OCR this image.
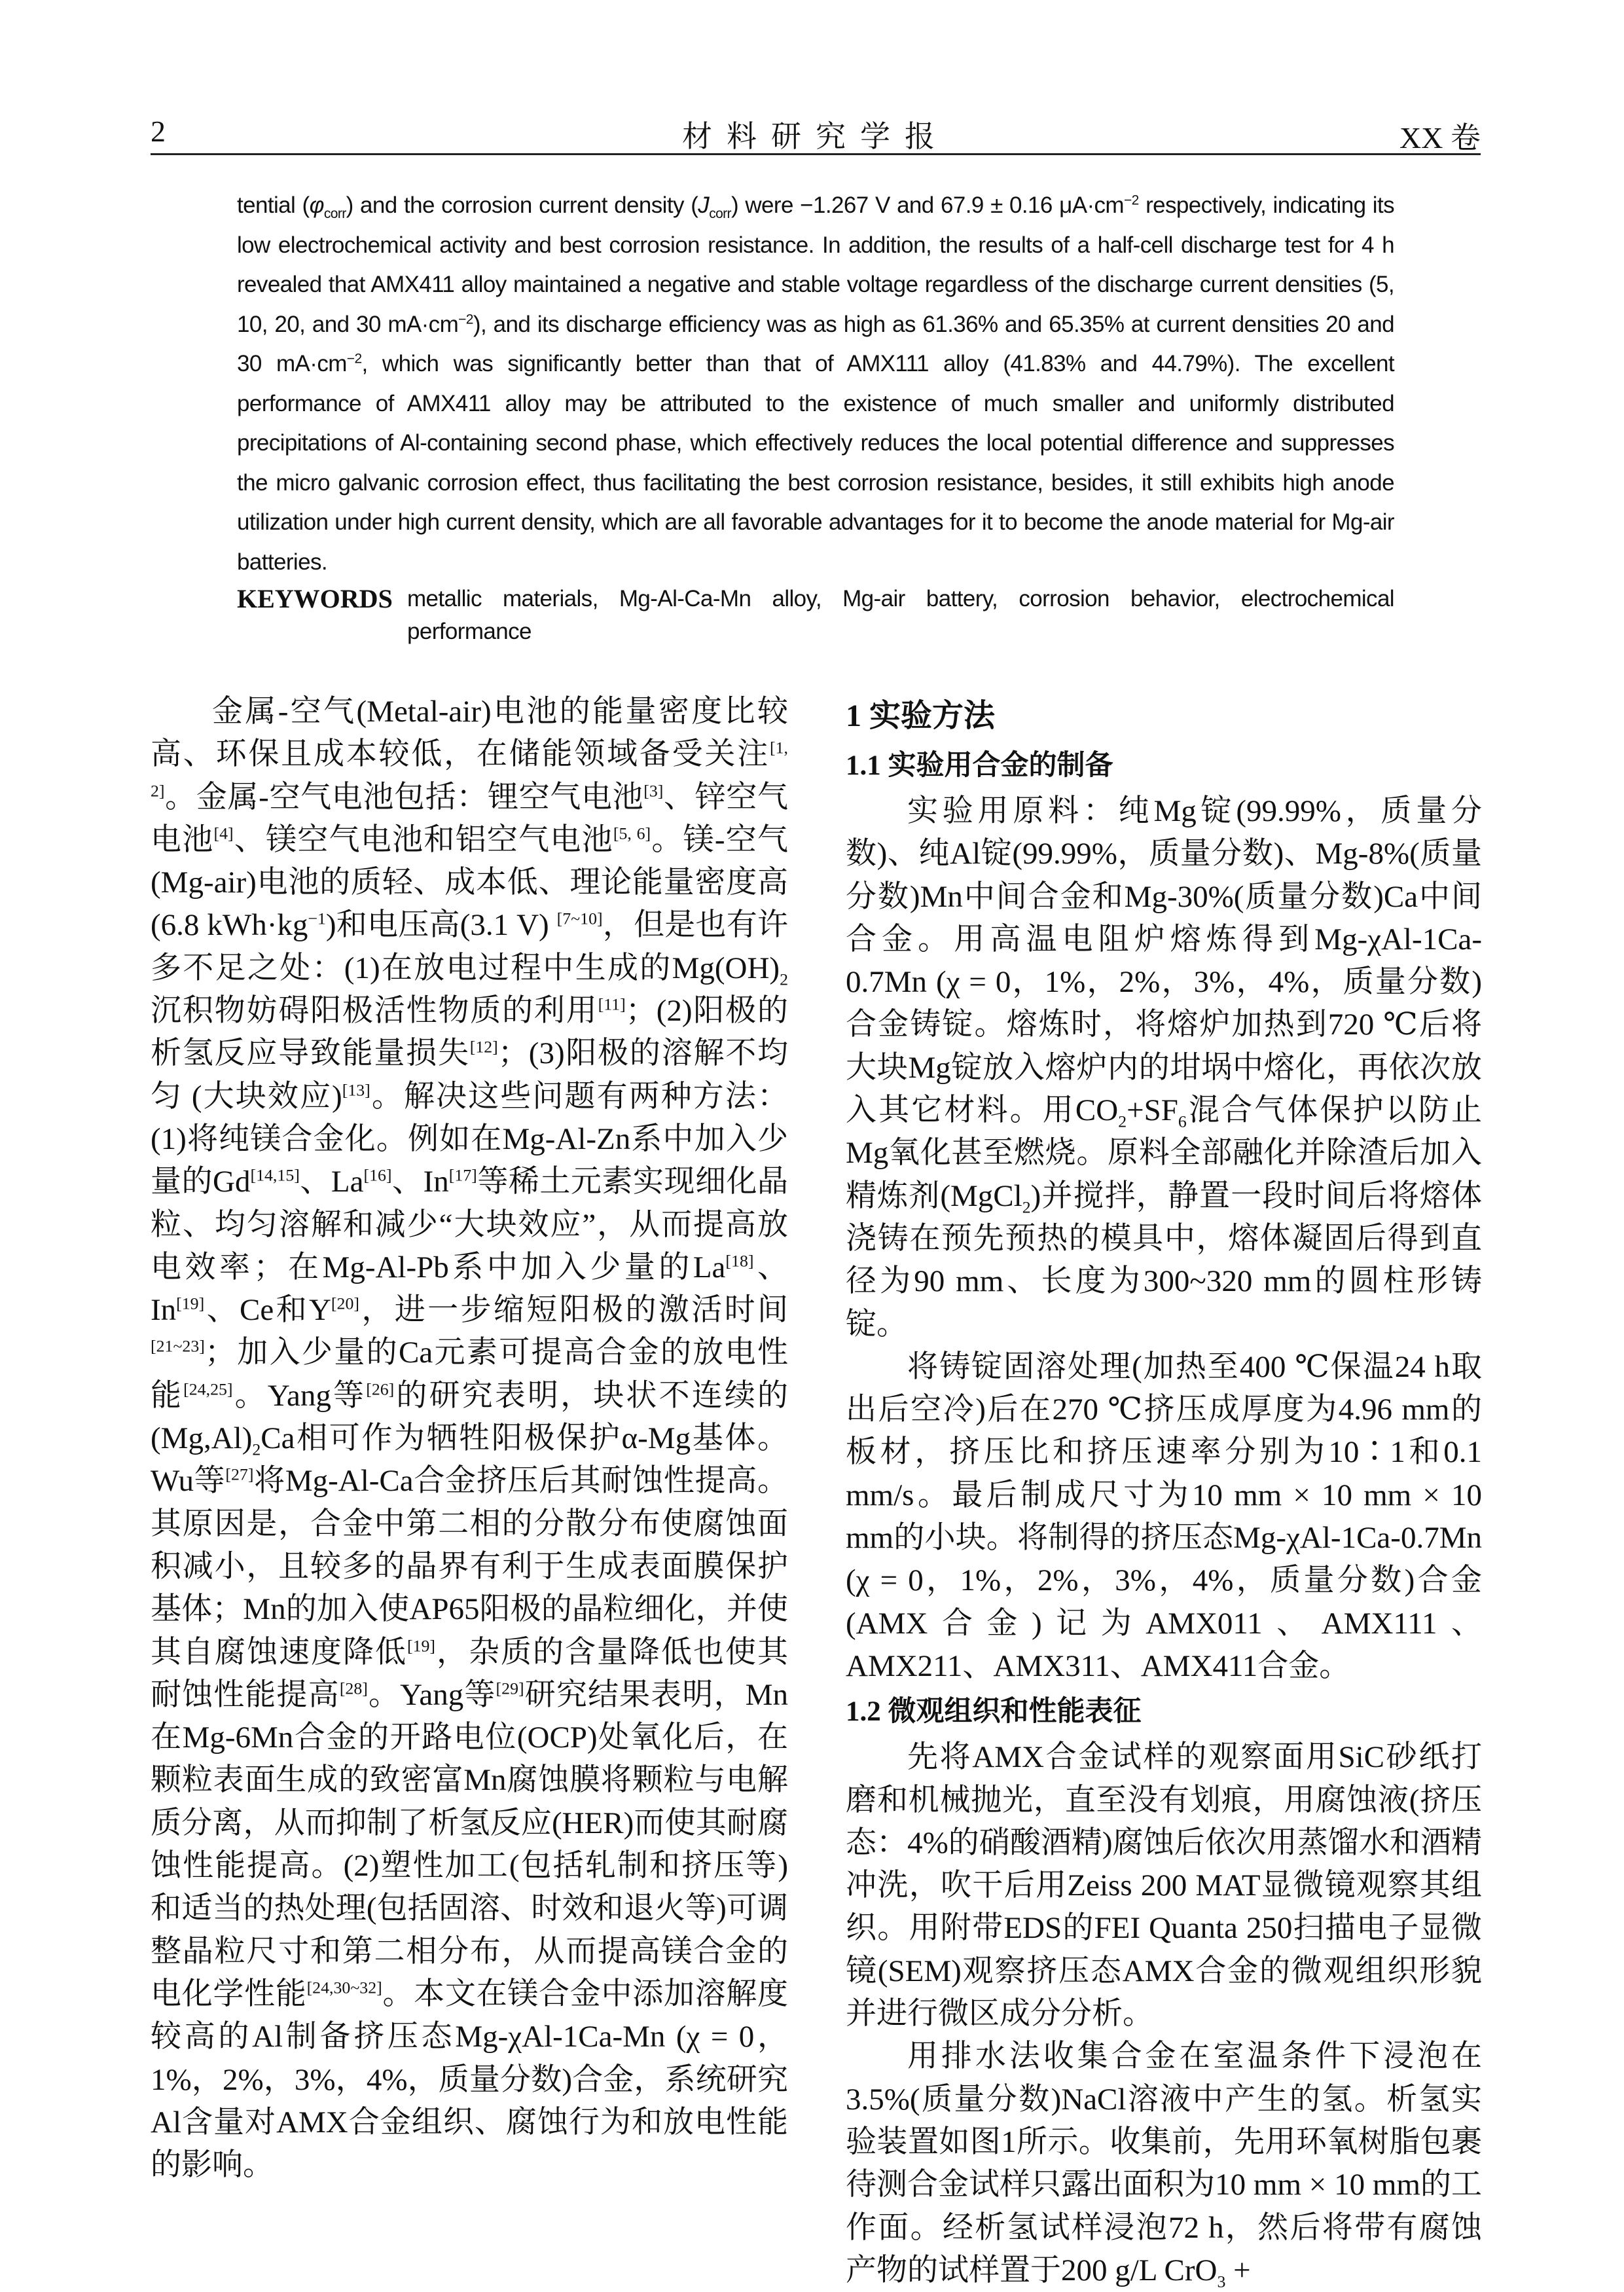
2	材料研究学报	XX 卷

tential $(\varphi_{corr})$ and the corrosion current density $(J_{corr})$ were −1.267 V and 67.9 ± 0.16 $\mu A\cdot cm^{-2}$ respectively, indicating its low electrochemical activity and best corrosion resistance. In addition, the results of a half-cell discharge test for 4 h revealed that AMX411 alloy maintained a negative and stable voltage regardless of the discharge current densities (5, 10, 20, and 30 $mA\cdot cm^{-2}$), and its discharge efficiency was as high as 61.36% and 65.35% at current densities 20 and 30 $mA\cdot cm^{-2}$, which was significantly better than that of AMX111 alloy (41.83% and 44.79%). The excellent performance of AMX411 alloy may be attributed to the existence of much smaller and uniformly distributed precipitations of Al-containing second phase, which effectively reduces the local potential difference and suppresses the micro galvanic corrosion effect, thus facilitating the best corrosion resistance, besides, it still exhibits high anode utilization under high current density, which are all favorable advantages for it to become the anode material for Mg-air batteries.

KEYWORDS metallic materials, Mg-Al-Ca-Mn alloy, Mg-air battery, corrosion behavior, electrochemical performance

金属-空气(Metal-air)电池的能量密度比较高、环保且成本较低，在储能领域备受关注[1, 2]。金属-空气电池包括：锂空气电池[3]、锌空气电池[4]、镁空气电池和铝空气电池[5, 6]。镁-空气(Mg-air)电池的质轻、成本低、理论能量密度高(6.8 $kWh\cdot kg^{-1}$)和电压高(3.1 V) [7~10]，但是也有许多不足之处：(1)在放电过程中生成的$Mg(OH)_2$沉积物妨碍阳极活性物质的利用[11]；(2)阳极的析氢反应导致能量损失[12]；(3)阳极的溶解不均匀 (大块效应)[13]。解决这些问题有两种方法：(1)将纯镁合金化。例如在Mg-Al-Zn系中加入少量的Gd[14,15]、La[16]、In[17]等稀土元素实现细化晶粒、均匀溶解和减少“大块效应”，从而提高放电效率；在Mg-Al-Pb系中加入少量的La[18]、In[19]、Ce和Y[20]，进一步缩短阳极的激活时间[21~23]；加入少量的Ca元素可提高合金的放电性能[24,25]。Yang等[26]的研究表明，块状不连续的$(Mg,Al)_2Ca$相可作为牺牲阳极保护α-Mg基体。Wu等[27]将Mg-Al-Ca合金挤压后其耐蚀性提高。其原因是，合金中第二相的分散分布使腐蚀面积减小，且较多的晶界有利于生成表面膜保护基体；Mn的加入使AP65阳极的晶粒细化，并使其自腐蚀速度降低[19]，杂质的含量降低也使其耐蚀性能提高[28]。Yang等[29]研究结果表明，Mn在Mg-6Mn合金的开路电位(OCP)处氧化后，在颗粒表面生成的致密富Mn腐蚀膜将颗粒与电解质分离，从而抑制了析氢反应(HER)而使其耐腐蚀性能提高。(2)塑性加工(包括轧制和挤压等)和适当的热处理(包括固溶、时效和退火等)可调整晶粒尺寸和第二相分布，从而提高镁合金的电化学性能[24,30~32]。本文在镁合金中添加溶解度较高的Al制备挤压态Mg-χAl-1Ca-Mn (χ = 0，1%，2%，3%，4%，质量分数)合金，系统研究Al含量对AMX合金组织、腐蚀行为和放电性能的影响。

1 实验方法
1.1 实验用合金的制备

实验用原料：纯Mg锭(99.99%，质量分数)、纯Al锭(99.99%，质量分数)、Mg-8%(质量分数)Mn中间合金和Mg-30%(质量分数)Ca中间合金。用高温电阻炉熔炼得到Mg-χAl-1Ca-0.7Mn (χ = 0，1%，2%，3%，4%，质量分数)合金铸锭。熔炼时，将熔炉加热到720 ℃后将大块Mg锭放入熔炉内的坩埚中熔化，再依次放入其它材料。用$CO_2+SF_6$混合气体保护以防止Mg氧化甚至燃烧。原料全部融化并除渣后加入精炼剂(MgCl$_2$)并搅拌，静置一段时间后将熔体浇铸在预先预热的模具中，熔体凝固后得到直径为90 mm、长度为300~320 mm的圆柱形铸锭。

将铸锭固溶处理(加热至400 ℃保温24 h取出后空冷)后在270 ℃挤压成厚度为4.96 mm的板材，挤压比和挤压速率分别为10∶1和0.1 mm/s。最后制成尺寸为10 mm × 10 mm × 10 mm的小块。将制得的挤压态Mg-χAl-1Ca-0.7Mn (χ = 0，1%，2%，3%，4%，质量分数)合金(AMX合金)记为AMX011、AMX111、AMX211、AMX311、AMX411合金。

1.2 微观组织和性能表征

先将AMX合金试样的观察面用SiC砂纸打磨和机械抛光，直至没有划痕，用腐蚀液(挤压态：4%的硝酸酒精)腐蚀后依次用蒸馏水和酒精冲洗，吹干后用Zeiss 200 MAT显微镜观察其组织。用附带EDS的FEI Quanta 250扫描电子显微镜(SEM)观察挤压态AMX合金的微观组织形貌并进行微区成分分析。

用排水法收集合金在室温条件下浸泡在3.5%(质量分数)NaCl溶液中产生的氢。析氢实验装置如图1所示。收集前，先用环氧树脂包裹待测合金试样只露出面积为10 mm × 10 mm的工作面。经析氢试样浸泡72 h，然后将带有腐蚀产物的试样置于200 g/L CrO$_3$ +
